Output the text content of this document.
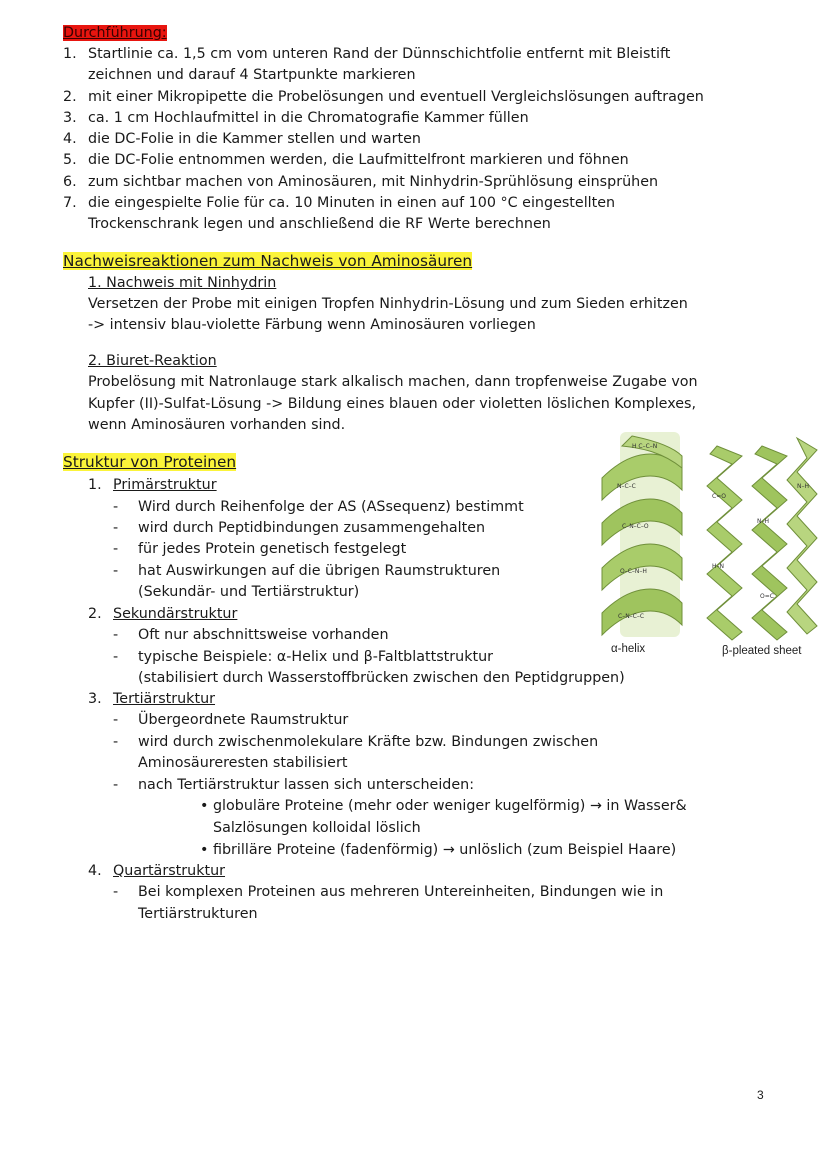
Durchführung:
1. Startlinie ca. 1,5 cm vom unteren Rand der Dünnschichtfolie entfernt mit Bleistift
zeichnen und darauf 4 Startpunkte markieren
2. mit einer Mikropipette die Probelösungen und eventuell Vergleichslösungen auftragen
3. ca. 1 cm Hochlaufmittel in die Chromatografie Kammer füllen
4. die DC-Folie in die Kammer stellen und warten
5. die DC-Folie entnommen werden, die Laufmittelfront markieren und föhnen
6. zum sichtbar machen von Aminosäuren, mit Ninhydrin-Sprühlösung einsprühen
7. die eingespielte Folie für ca. 10 Minuten in einen auf 100 °C eingestellten
Trockenschrank legen und anschließend die RF Werte berechnen
Nachweisreaktionen zum Nachweis von Aminosäuren
1. Nachweis mit Ninhydrin
Versetzen der Probe mit einigen Tropfen Ninhydrin-Lösung und zum Sieden erhitzen
-> intensiv blau-violette Färbung wenn Aminosäuren vorliegen
2. Biuret-Reaktion
Probelösung mit Natronlauge stark alkalisch machen, dann tropfenweise Zugabe von
Kupfer (II)-Sulfat-Lösung -> Bildung eines blauen oder violetten löslichen Komplexes,
wenn Aminosäuren vorhanden sind.
Struktur von Proteinen
1. Primärstruktur
- Wird durch Reihenfolge der AS (ASsequenz) bestimmt
- wird durch Peptidbindungen zusammengehalten
- für jedes Protein genetisch festgelegt
- hat Auswirkungen auf die übrigen Raumstrukturen
(Sekundär- und Tertiärstruktur)
2. Sekundärstruktur
- Oft nur abschnittsweise vorhanden
- typische Beispiele: α-Helix und β-Faltblattstruktur
(stabilisiert durch Wasserstoffbrücken zwischen den Peptidgruppen)
3. Tertiärstruktur
- Übergeordnete Raumstruktur
- wird durch zwischenmolekulare Kräfte bzw. Bindungen zwischen
Aminosäureresten stabilisiert
- nach Tertiärstruktur lassen sich unterscheiden:
• globuläre Proteine (mehr oder weniger kugelförmig) → in Wasser&
Salzlösungen kolloidal löslich
• fibrilläre Proteine (fadenförmig) → unlöslich (zum Beispiel Haare)
4. Quartärstruktur
- Bei komplexen Proteinen aus mehreren Untereinheiten, Bindungen wie in
Tertiärstrukturen
H C–C–N
N–C–C
C–N–C–O
O–C–N–H
C–N–C–C
C=O
N–H
H–N
O=C
N–H
α-helix	β-pleated sheet
3
